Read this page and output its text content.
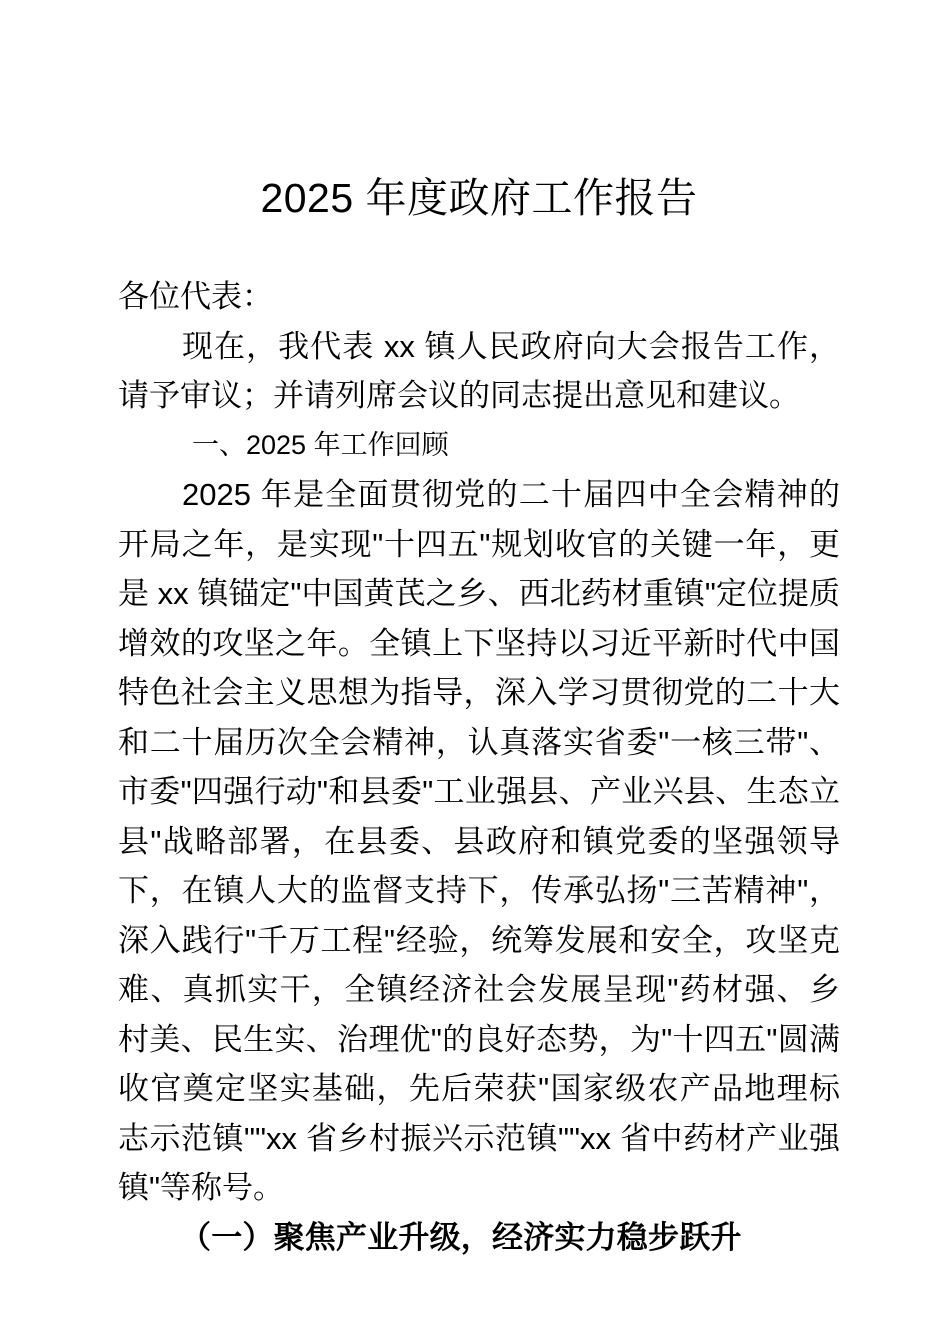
2025 年度政府工作报告

各位代表：

现在，我代表 xx 镇人民政府向大会报告工作，请予审议；并请列席会议的同志提出意见和建议。

一、2025 年工作回顾

2025 年是全面贯彻党的二十届四中全会精神的开局之年，是实现"十四五"规划收官的关键一年，更是 xx 镇锚定"中国黄芪之乡、西北药材重镇"定位提质增效的攻坚之年。全镇上下坚持以习近平新时代中国特色社会主义思想为指导，深入学习贯彻党的二十大和二十届历次全会精神，认真落实省委"一核三带"、市委"四强行动"和县委"工业强县、产业兴县、生态立县"战略部署，在县委、县政府和镇党委的坚强领导下，在镇人大的监督支持下，传承弘扬"三苦精神"，深入践行"千万工程"经验，统筹发展和安全，攻坚克难、真抓实干，全镇经济社会发展呈现"药材强、乡村美、民生实、治理优"的良好态势，为"十四五"圆满收官奠定坚实基础，先后荣获"国家级农产品地理标志示范镇""xx 省乡村振兴示范镇""xx 省中药材产业强镇"等称号。

（一）聚焦产业升级，经济实力稳步跃升
